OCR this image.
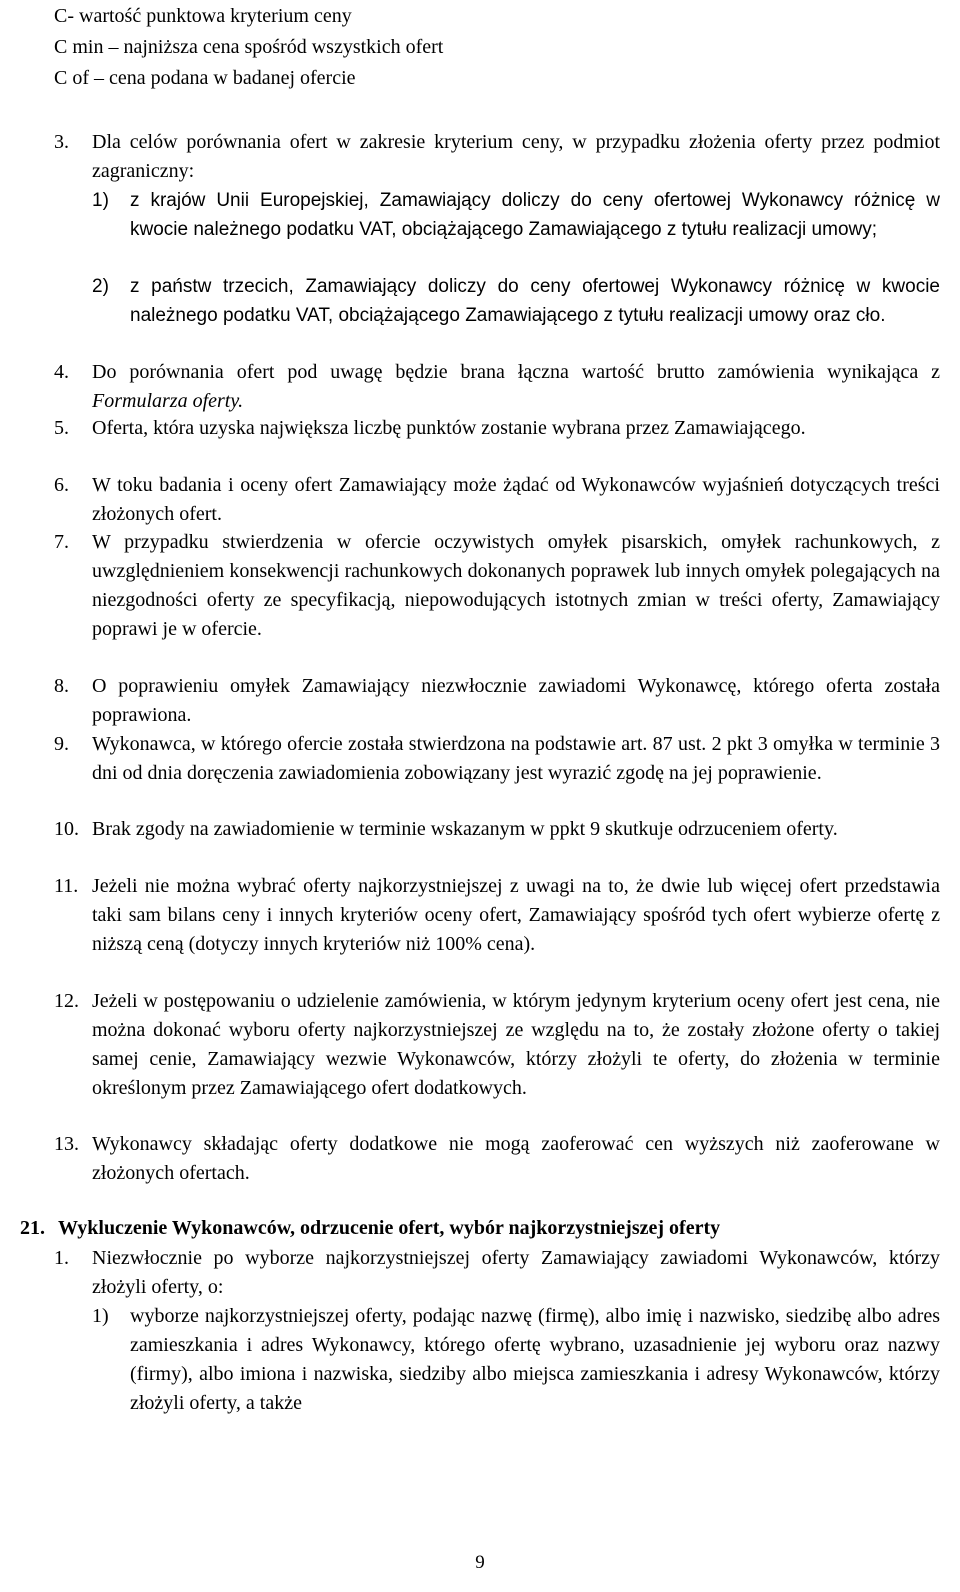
C- wartość punktowa kryterium ceny
C min – najniższa cena spośród wszystkich ofert
C of – cena podana w badanej ofercie
3. Dla celów porównania ofert w zakresie kryterium ceny, w przypadku złożenia oferty przez podmiot zagraniczny:
1) z krajów Unii Europejskiej, Zamawiający doliczy do ceny ofertowej Wykonawcy różnicę w kwocie należnego podatku VAT, obciążającego Zamawiającego z tytułu realizacji umowy;
2) z państw trzecich, Zamawiający doliczy do ceny ofertowej Wykonawcy różnicę w kwocie należnego podatku VAT, obciążającego Zamawiającego z tytułu realizacji umowy oraz cło.
4. Do porównania ofert pod uwagę będzie brana łączna wartość brutto zamówienia wynikająca z Formularza oferty.
5. Oferta, która uzyska największa liczbę punktów zostanie wybrana przez Zamawiającego.
6. W toku badania i oceny ofert Zamawiający może żądać od Wykonawców wyjaśnień dotyczących treści złożonych ofert.
7. W przypadku stwierdzenia w ofercie oczywistych omyłek pisarskich, omyłek rachunkowych, z uwzględnieniem konsekwencji rachunkowych dokonanych poprawek lub innych omyłek polegających na niezgodności oferty ze specyfikacją, niepowodujących istotnych zmian w treści oferty, Zamawiający poprawi je w ofercie.
8. O poprawieniu omyłek Zamawiający niezwłocznie zawiadomi Wykonawcę, którego oferta została poprawiona.
9. Wykonawca, w którego ofercie została stwierdzona na podstawie art. 87 ust. 2 pkt 3 omyłka w terminie 3 dni od dnia doręczenia zawiadomienia zobowiązany jest wyrazić zgodę na jej poprawienie.
10. Brak zgody na zawiadomienie w terminie wskazanym w ppkt 9 skutkuje odrzuceniem oferty.
11. Jeżeli nie można wybrać oferty najkorzystniejszej z uwagi na to, że dwie lub więcej ofert przedstawia taki sam bilans ceny i innych kryteriów oceny ofert, Zamawiający spośród tych ofert wybierze ofertę z niższą ceną (dotyczy innych kryteriów niż 100% cena).
12. Jeżeli w postępowaniu o udzielenie zamówienia, w którym jedynym kryterium oceny ofert jest cena, nie można dokonać wyboru oferty najkorzystniejszej ze względu na to, że zostały złożone oferty o takiej samej cenie, Zamawiający wezwie Wykonawców, którzy złożyli te oferty, do złożenia w terminie określonym przez Zamawiającego ofert dodatkowych.
13. Wykonawcy składając oferty dodatkowe nie mogą zaoferować cen wyższych niż zaoferowane w złożonych ofertach.
21. Wykluczenie Wykonawców, odrzucenie ofert, wybór najkorzystniejszej oferty
1. Niezwłocznie po wyborze najkorzystniejszej oferty Zamawiający zawiadomi Wykonawców, którzy złożyli oferty, o:
1) wyborze najkorzystniejszej oferty, podając nazwę (firmę), albo imię i nazwisko, siedzibę albo adres zamieszkania i adres Wykonawcy, którego ofertę wybrano, uzasadnienie jej wyboru oraz nazwy (firmy), albo imiona i nazwiska, siedziby albo miejsca zamieszkania i adresy Wykonawców, którzy złożyli oferty, a także
9
